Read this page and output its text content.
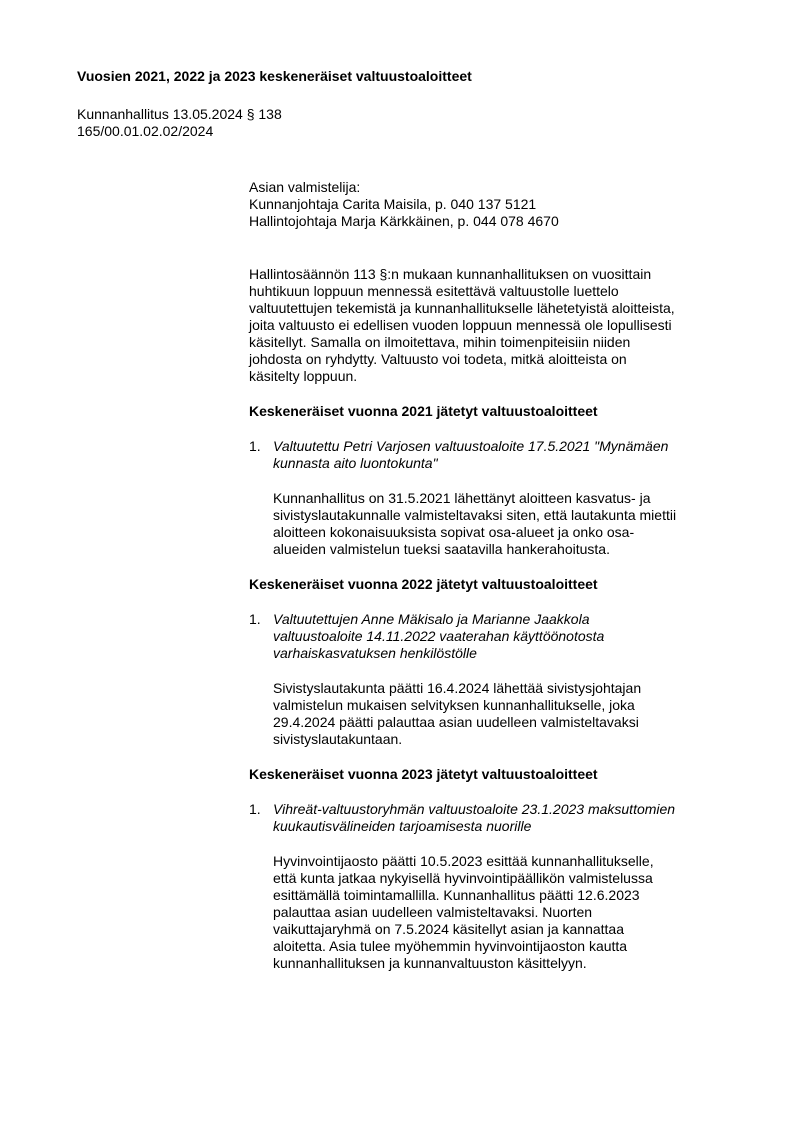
Vuosien 2021, 2022 ja 2023 keskeneräiset valtuustoaloitteet
Kunnanhallitus 13.05.2024 § 138
165/00.01.02.02/2024
Asian valmistelija:
Kunnanjohtaja Carita Maisila, p. 040 137 5121
Hallintojohtaja Marja Kärkkäinen, p. 044 078 4670
Hallintosäännön 113 §:n mukaan kunnanhallituksen on vuosittain
huhtikuun loppuun mennessä esitettävä valtuustolle luettelo
valtuutettujen tekemistä ja kunnanhallitukselle lähetetyistä aloitteista,
joita valtuusto ei edellisen vuoden loppuun mennessä ole lopullisesti
käsitellyt. Samalla on ilmoitettava, mihin toimenpiteisiin niiden
johdosta on ryhdytty. Valtuusto voi todeta, mitkä aloitteista on
käsitelty loppuun.
Keskeneräiset vuonna 2021 jätetyt valtuustoaloitteet
1. Valtuutettu Petri Varjosen valtuustoaloite 17.5.2021 "Mynämäen
kunnasta aito luontokunta"
Kunnanhallitus on 31.5.2021 lähettänyt aloitteen kasvatus- ja
sivistyslautakunnalle valmisteltavaksi siten, että lautakunta miettii
aloitteen kokonaisuuksista sopivat osa-alueet ja onko osa-
alueiden valmistelun tueksi saatavilla hankerahoitusta.
Keskeneräiset vuonna 2022 jätetyt valtuustoaloitteet
1. Valtuutettujen Anne Mäkisalo ja Marianne Jaakkola
valtuustoaloite 14.11.2022 vaaterahan käyttöönotosta
varhaiskasvatuksen henkilöstölle
Sivistyslautakunta päätti 16.4.2024 lähettää sivistysjohtajan
valmistelun mukaisen selvityksen kunnanhallitukselle, joka
29.4.2024 päätti palauttaa asian uudelleen valmisteltavaksi
sivistyslautakuntaan.
Keskeneräiset vuonna 2023 jätetyt valtuustoaloitteet
1. Vihreät-valtuustoryhmän valtuustoaloite 23.1.2023 maksuttomien
kuukautisvälineiden tarjoamisesta nuorille
Hyvinvointijaosto päätti 10.5.2023 esittää kunnanhallitukselle,
että kunta jatkaa nykyisellä hyvinvointipäällikön valmistelussa
esittämällä toimintamallilla. Kunnanhallitus päätti 12.6.2023
palauttaa asian uudelleen valmisteltavaksi. Nuorten
vaikuttajaryhmä on 7.5.2024 käsitellyt asian ja kannattaa
aloitetta. Asia tulee myöhemmin hyvinvointijaoston kautta
kunnanhallituksen ja kunnanvaltuuston käsittelyyn.
